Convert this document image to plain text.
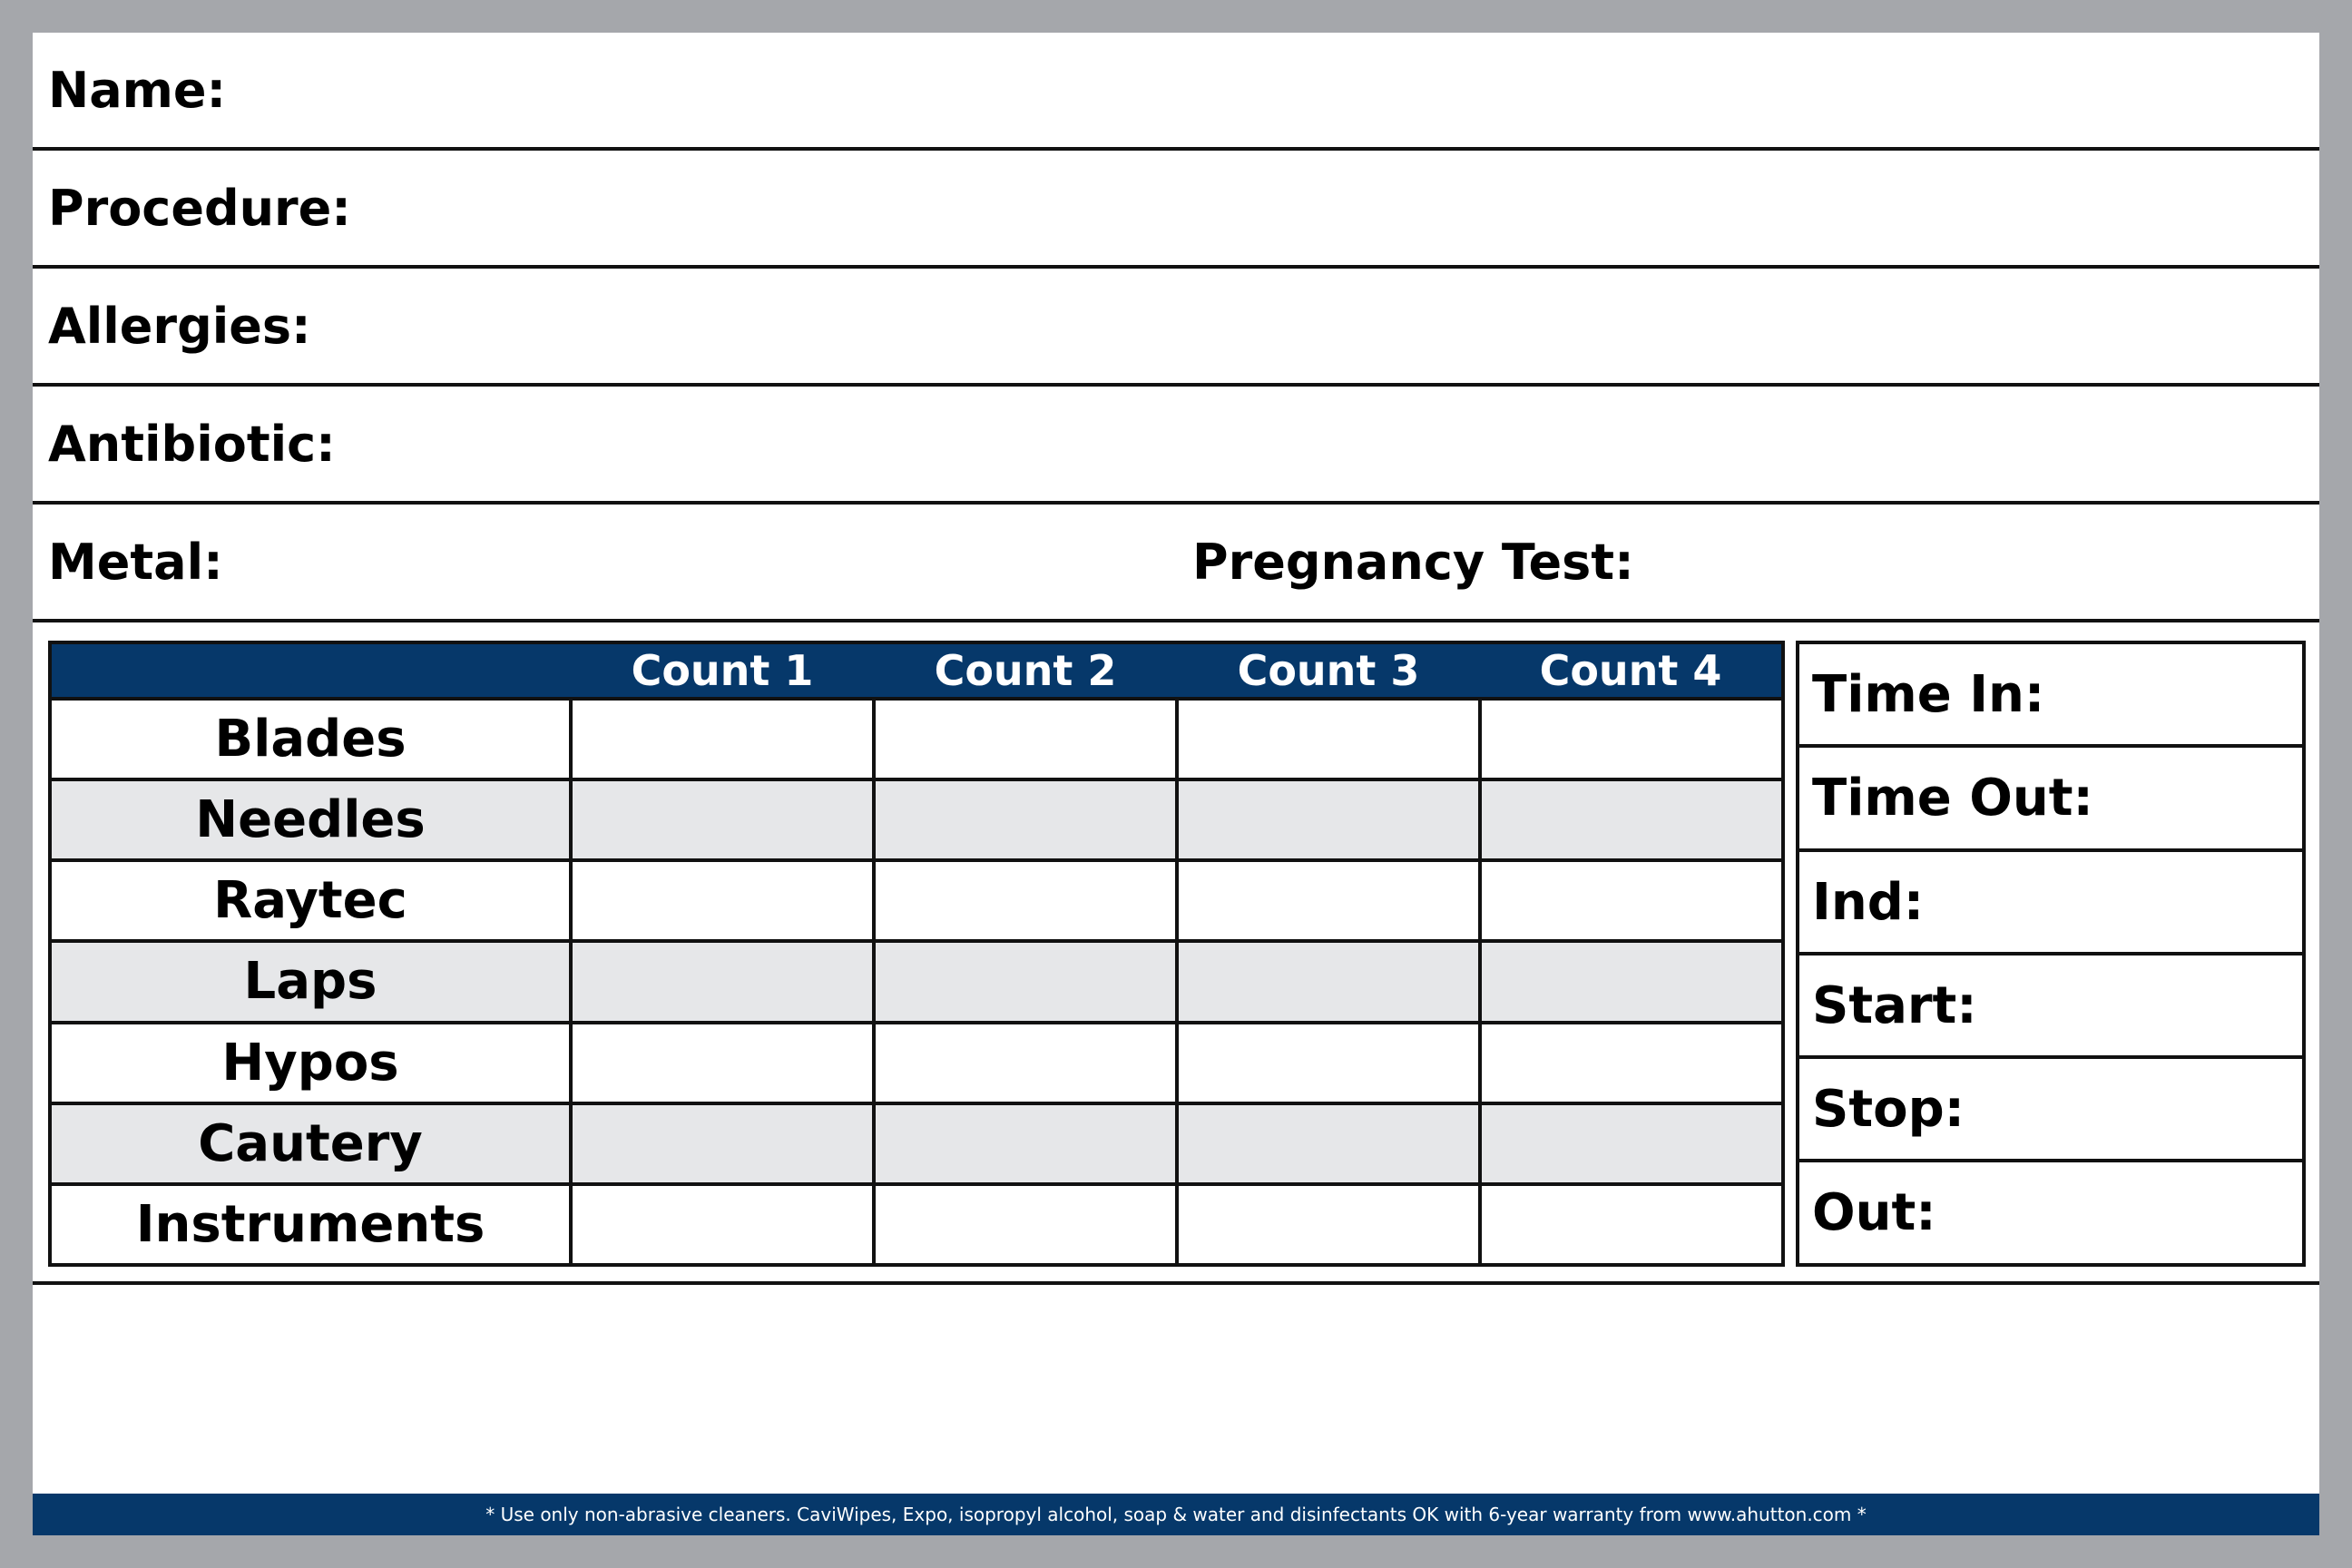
Name:
Procedure:
Allergies:
Antibiotic:
Metal:	Pregnancy Test:
	Count 1	Count 2	Count 3	Count 4
Blades				
Needles				
Raytec				
Laps				
Hypos				
Cautery				
Instruments				
Time In:
Time Out:
Ind:
Start:
Stop:
Out:
* Use only non-abrasive cleaners. CaviWipes, Expo, isopropyl alcohol, soap & water and disinfectants OK with 6-year warranty from www.ahutton.com *
